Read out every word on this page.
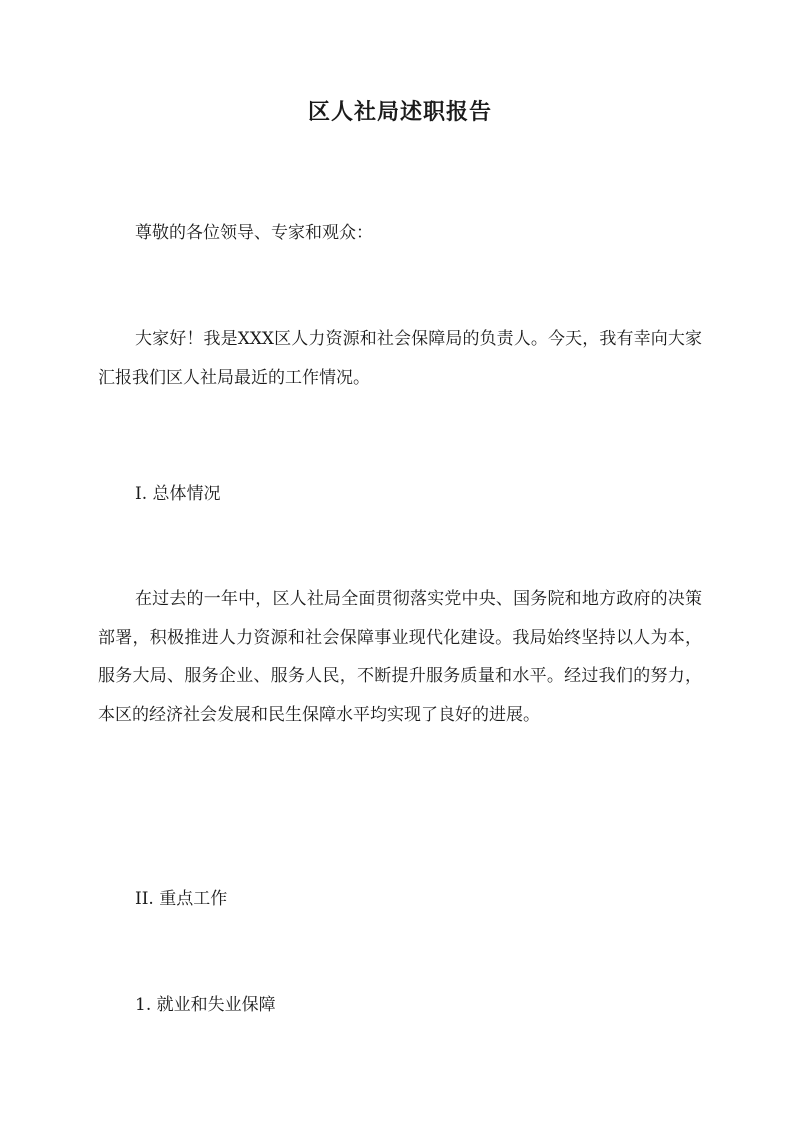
区人社局述职报告

尊敬的各位领导、专家和观众：

大家好！我是XXX区人力资源和社会保障局的负责人。今天，我有幸向大家汇报我们区人社局最近的工作情况。

I. 总体情况

在过去的一年中，区人社局全面贯彻落实党中央、国务院和地方政府的决策部署，积极推进人力资源和社会保障事业现代化建设。我局始终坚持以人为本，服务大局、服务企业、服务人民，不断提升服务质量和水平。经过我们的努力，本区的经济社会发展和民生保障水平均实现了良好的进展。

II. 重点工作

1. 就业和失业保障
